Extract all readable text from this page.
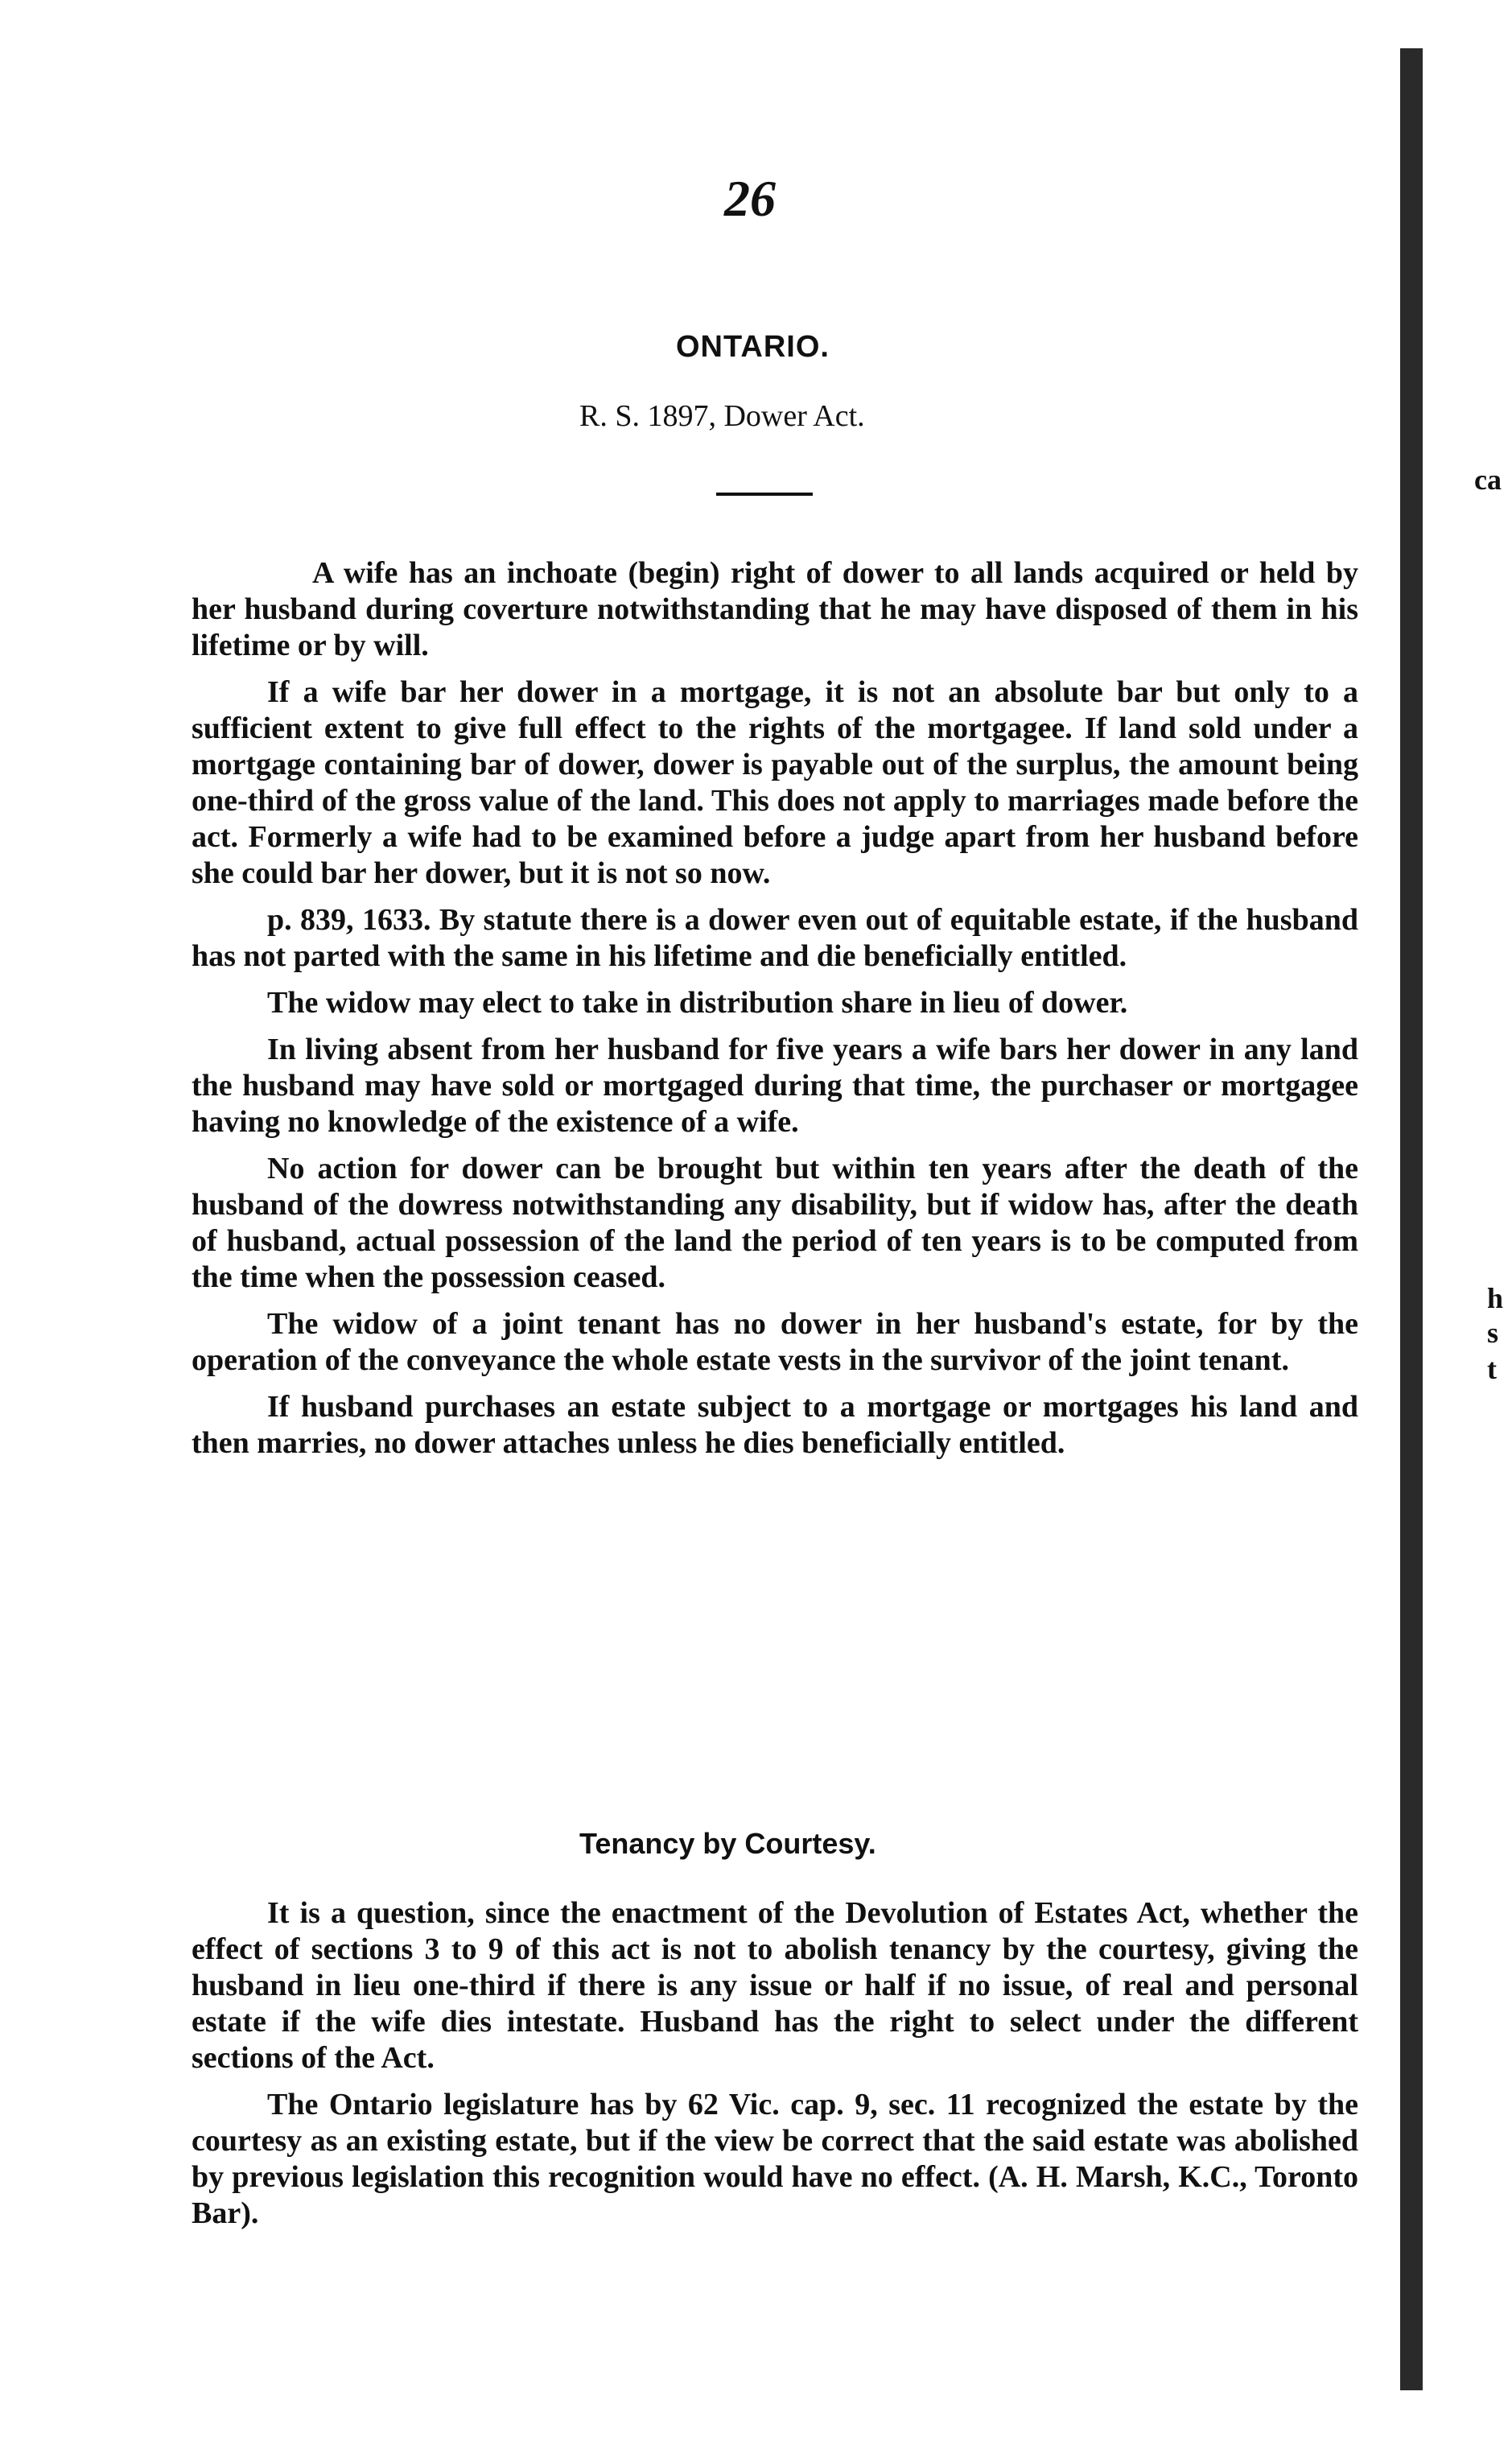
26
ONTARIO.
R. S. 1897, Dower Act.

A wife has an inchoate (begin) right of dower to all lands acquired or held by her husband during coverture notwithstanding that he may have disposed of them in his lifetime or by will.

If a wife bar her dower in a mortgage, it is not an absolute bar but only to a sufficient extent to give full effect to the rights of the mortgagee. If land sold under a mortgage containing bar of dower, dower is payable out of the surplus, the amount being one-third of the gross value of the land. This does not apply to marriages made before the act. Formerly a wife had to be examined before a judge apart from her husband before she could bar her dower, but it is not so now.

p. 839, 1633. By statute there is a dower even out of equitable estate, if the husband has not parted with the same in his lifetime and die beneficially entitled.

The widow may elect to take in distribution share in lieu of dower.

In living absent from her husband for five years a wife bars her dower in any land the husband may have sold or mortgaged during that time, the purchaser or mortgagee having no knowledge of the existence of a wife.

No action for dower can be brought but within ten years after the death of the husband of the dowress notwithstanding any disability, but if widow has, after the death of husband, actual possession of the land the period of ten years is to be computed from the time when the possession ceased.

The widow of a joint tenant has no dower in her husband's estate, for by the operation of the conveyance the whole estate vests in the survivor of the joint tenant.

If husband purchases an estate subject to a mortgage or mortgages his land and then marries, no dower attaches unless he dies beneficially entitled.

Tenancy by Courtesy.

It is a question, since the enactment of the Devolution of Estates Act, whether the effect of sections 3 to 9 of this act is not to abolish tenancy by the courtesy, giving the husband in lieu one-third if there is any issue or half if no issue, of real and personal estate if the wife dies intestate. Husband has the right to select under the different sections of the Act.

The Ontario legislature has by 62 Vic. cap. 9, sec. 11 recognized the estate by the courtesy as an existing estate, but if the view be correct that the said estate was abolished by previous legislation this recognition would have no effect. (A. H. Marsh, K.C., Toronto Bar).

ca
h
s
t
